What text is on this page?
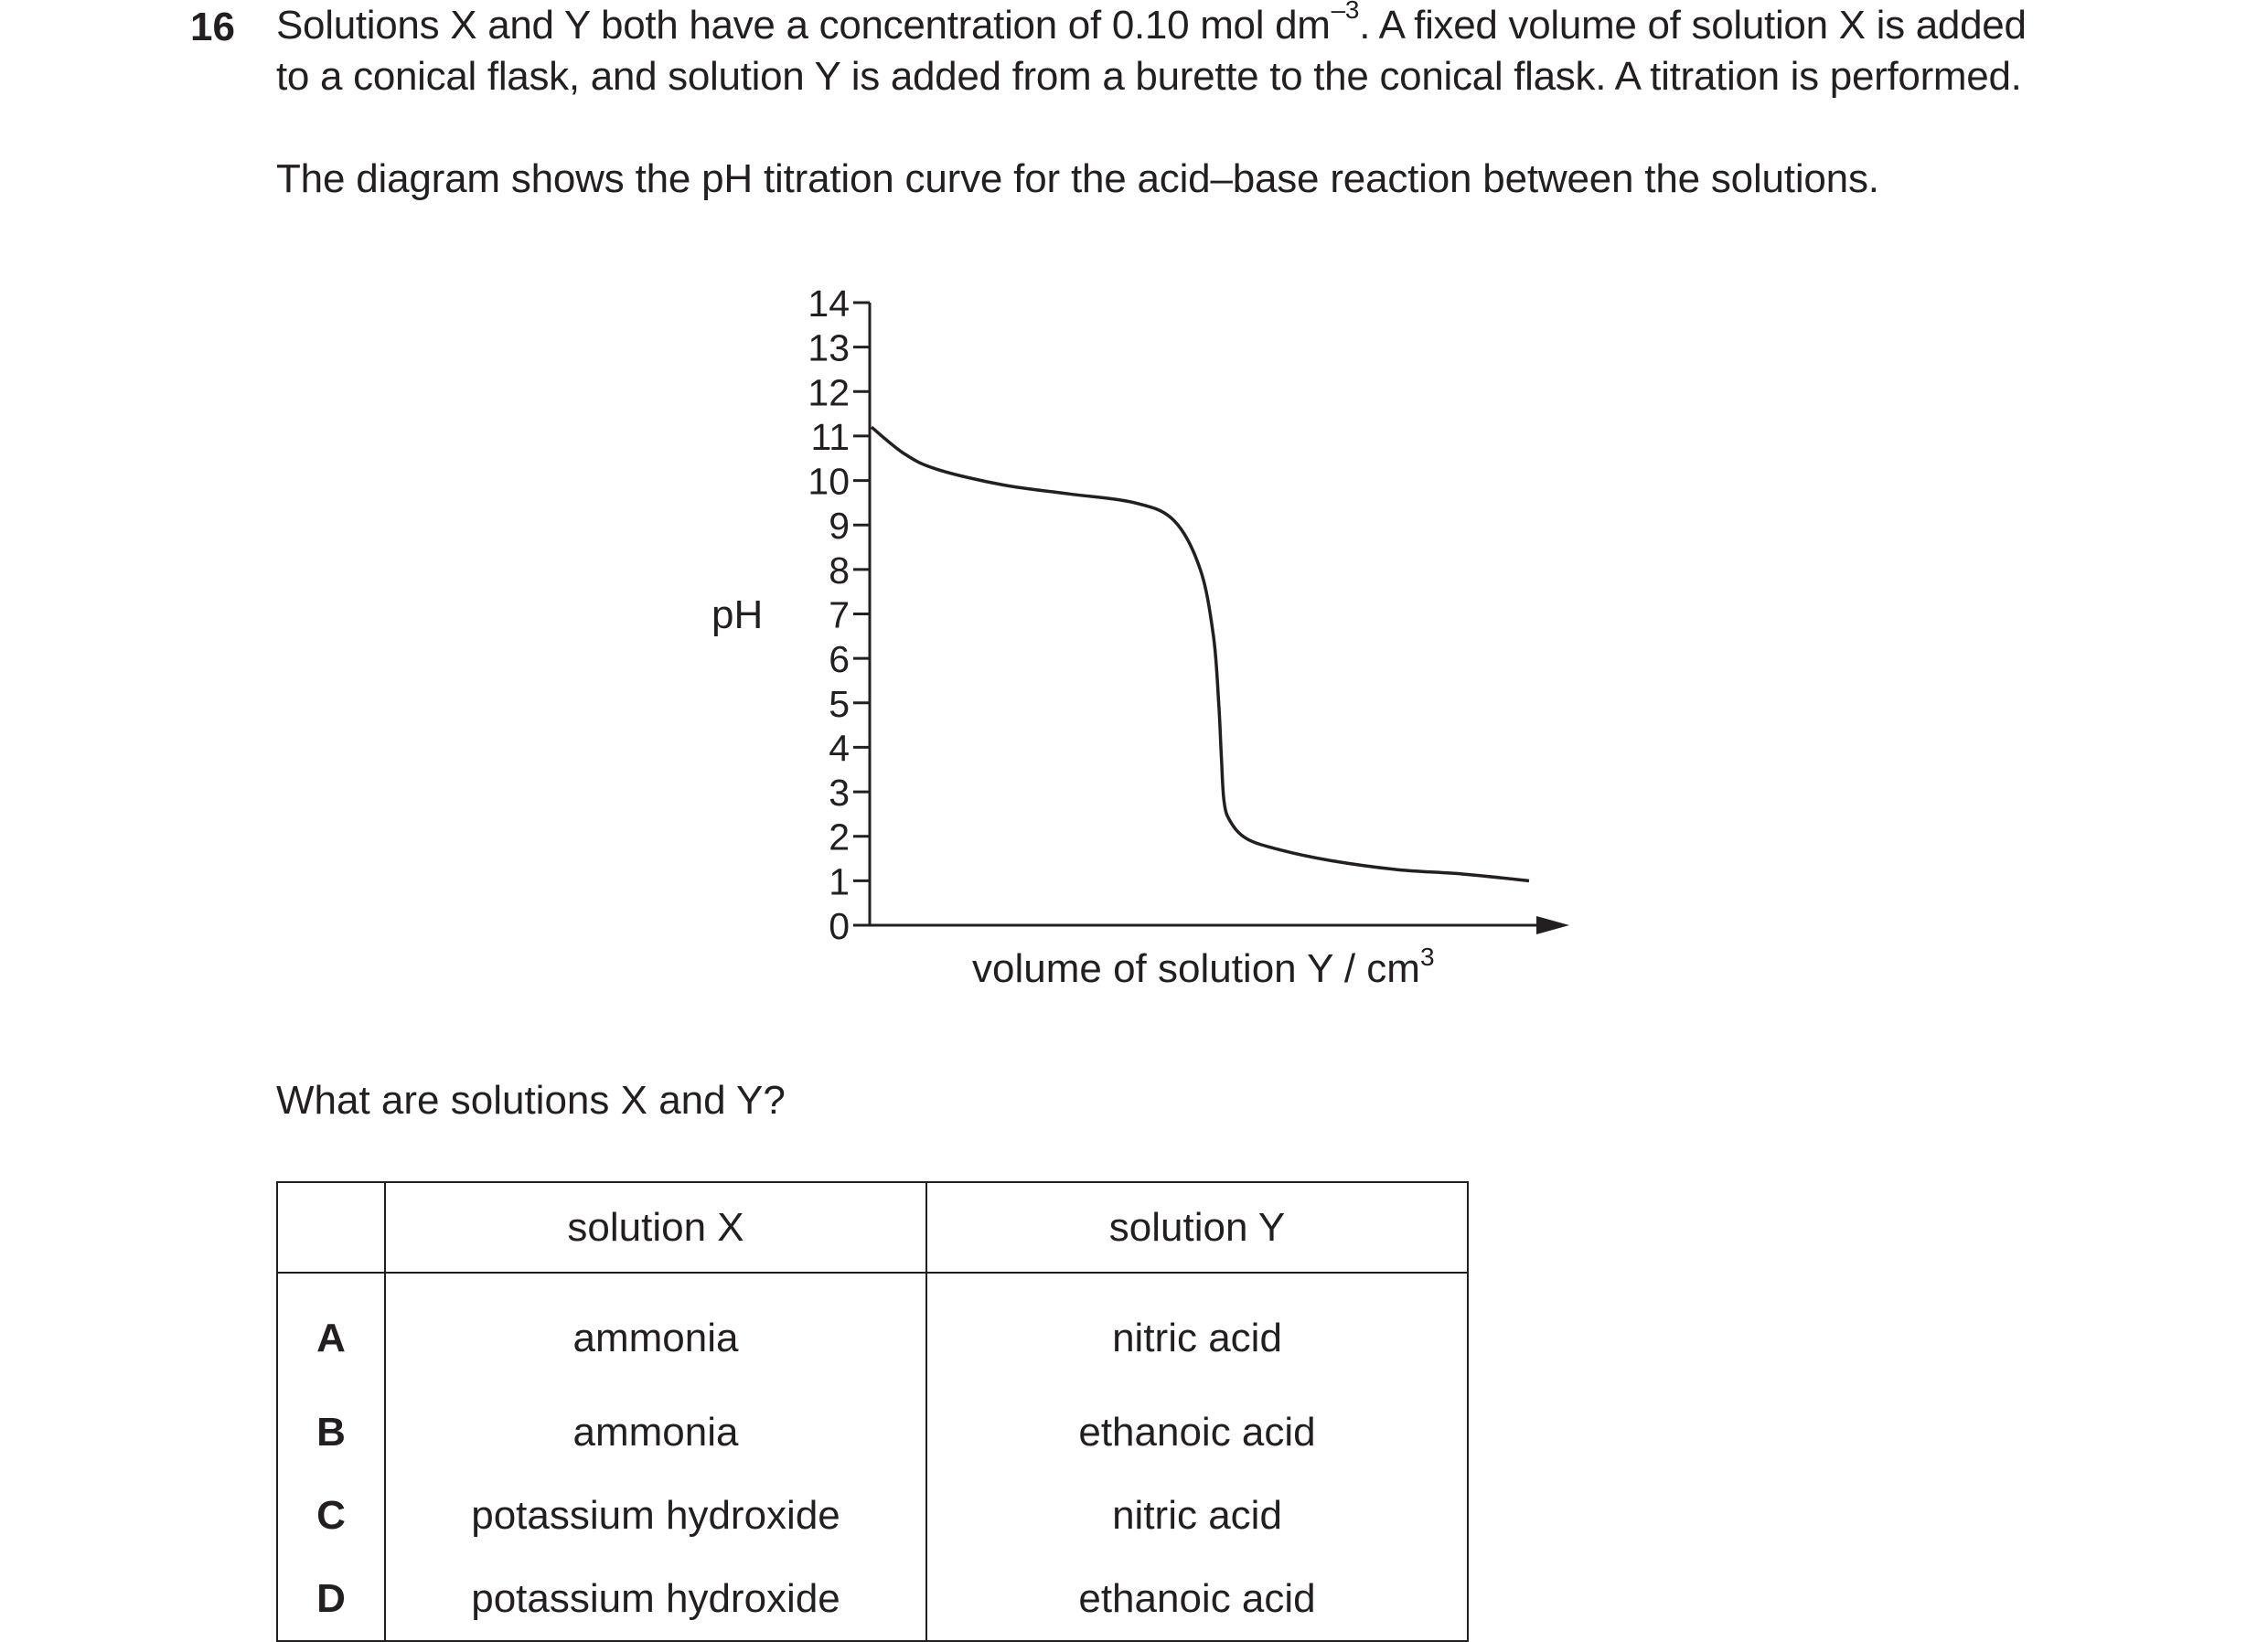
16 Solutions X and Y both have a concentration of 0.10 mol $dm^{-3}$. A fixed volume of solution X is added
to a conical flask, and solution Y is added from a burette to the conical flask. A titration is performed.
The diagram shows the pH titration curve for the acid–base reaction between the solutions.
pH
0
1
2
3
4
5
6
7
8
9
10
11
12
13
14
volume of solution Y / $cm^3$
What are solutions X and Y?
	solution X	solution Y
A	ammonia	nitric acid
B	ammonia	ethanoic acid
C	potassium hydroxide	nitric acid
D	potassium hydroxide	ethanoic acid
